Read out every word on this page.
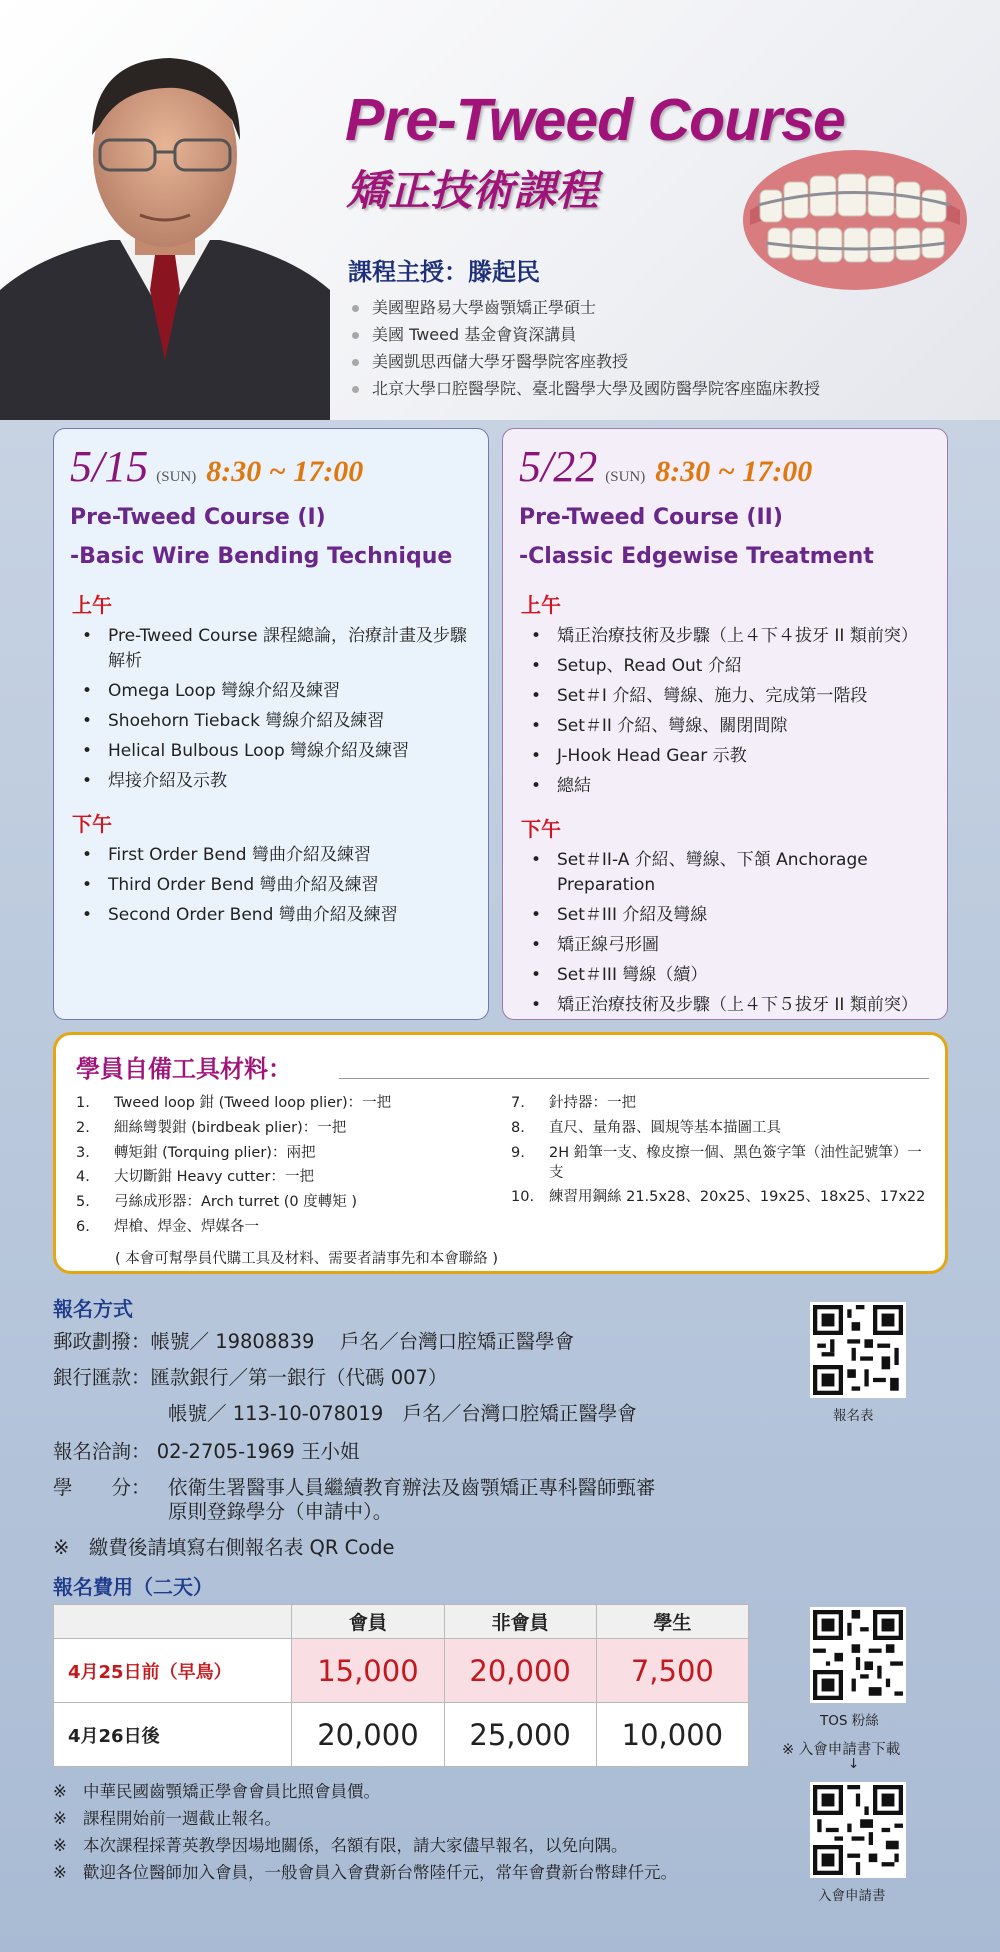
Pre-Tweed Course
矯正技術課程
課程主授：滕起民
美國聖路易大學齒顎矯正學碩士
美國 Tweed 基金會資深講員
美國凱思西儲大學牙醫學院客座教授
北京大學口腔醫學院、臺北醫學大學及國防醫學院客座臨床教授
5/15 (SUN) 8:30 ~ 17:00
Pre-Tweed Course (I)
-Basic Wire Bending Technique
上午
• Pre-Tweed Course 課程總論，治療計畫及步驟解析
• Omega Loop 彎線介紹及練習
• Shoehorn Tieback 彎線介紹及練習
• Helical Bulbous Loop 彎線介紹及練習
• 焊接介紹及示教
下午
• First Order Bend 彎曲介紹及練習
• Third Order Bend 彎曲介紹及練習
• Second Order Bend 彎曲介紹及練習
5/22 (SUN) 8:30 ~ 17:00
Pre-Tweed Course (II)
-Classic Edgewise Treatment
上午
• 矯正治療技術及步驟（上４下４拔牙 II 類前突）
• Setup、Read Out 介紹
• Set＃I 介紹、彎線、施力、完成第一階段
• Set＃II 介紹、彎線、關閉間隙
• J-Hook Head Gear 示教
• 總結
下午
• Set＃II-A 介紹、彎線、下頷 Anchorage Preparation
• Set＃III 介紹及彎線
• 矯正線弓形圖
• Set＃III 彎線（續）
• 矯正治療技術及步驟（上４下５拔牙 II 類前突）
學員自備工具材料：
1. Tweed loop 鉗 (Tweed loop plier)：一把
2. 細絲彎製鉗 (birdbeak plier)：一把
3. 轉矩鉗 (Torquing plier)：兩把
4. 大切斷鉗 Heavy cutter：一把
5. 弓絲成形器：Arch turret (0 度轉矩 )
6. 焊槍、焊金、焊媒各一
7. 針持器：一把
8. 直尺、量角器、圓規等基本描圖工具
9. 2H 鉛筆一支、橡皮擦一個、黑色簽字筆（油性記號筆）一支
10. 練習用鋼絲 21.5x28、20x25、19x25、18x25、17x22
( 本會可幫學員代購工具及材料、需要者請事先和本會聯絡 )
報名方式
郵政劃撥：帳號／ 19808839　 戶名／台灣口腔矯正醫學會
銀行匯款：匯款銀行／第一銀行（代碼 007）
帳號／ 113-10-078019　戶名／台灣口腔矯正醫學會
報名洽詢： 02-2705-1969 王小姐
學　　分： 依衛生署醫事人員繼續教育辦法及齒顎矯正專科醫師甄審
原則登錄學分（申請中）。
※　繳費後請填寫右側報名表 QR Code
報名表
報名費用（二天）
	會員	非會員	學生
4月25日前（早鳥）	15,000	20,000	7,500
4月26日後	20,000	25,000	10,000
※ 中華民國齒顎矯正學會會員比照會員價。
※ 課程開始前一週截止報名。
※ 本次課程採菁英教學因場地關係，名額有限，請大家儘早報名，以免向隅。
※ 歡迎各位醫師加入會員，一般會員入會費新台幣陸仟元，常年會費新台幣肆仟元。
TOS 粉絲
※ 入會申請書下載
↓
入會申請書
